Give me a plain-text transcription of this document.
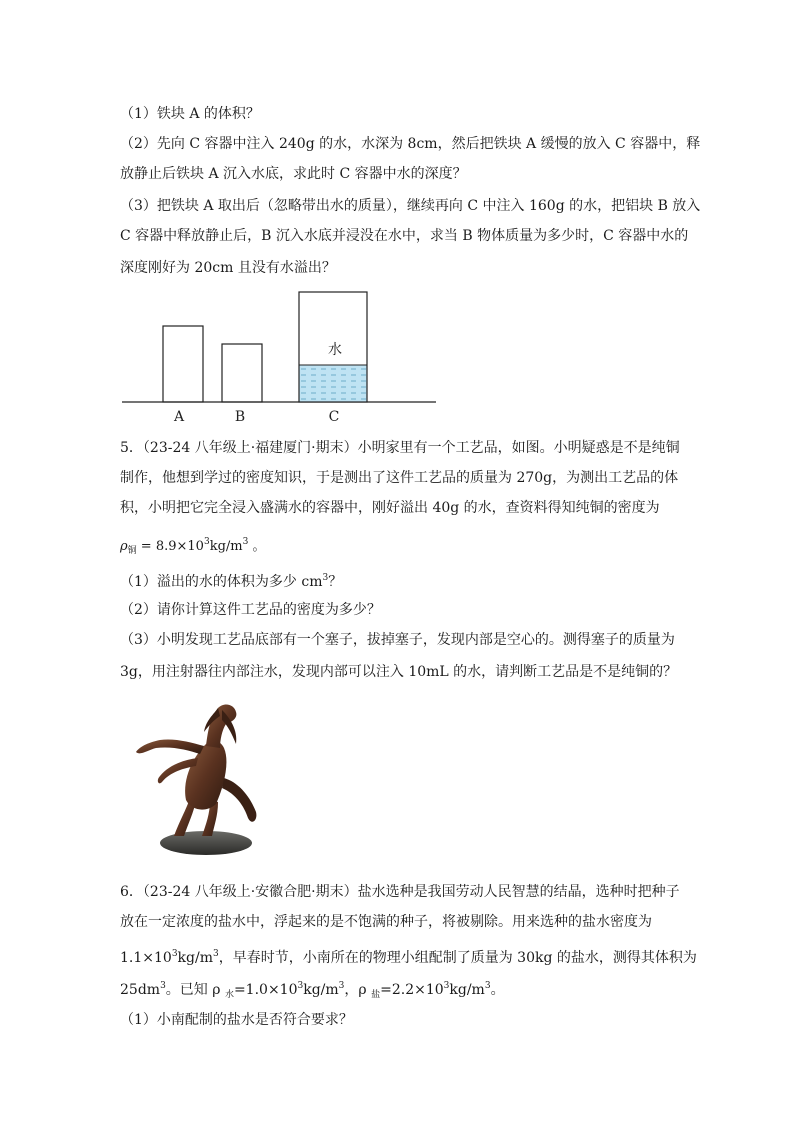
（1）铁块 A 的体积？
（2）先向 C 容器中注入 240g 的水，水深为 8cm，然后把铁块 A 缓慢的放入 C 容器中，释
放静止后铁块 A 沉入水底，求此时 C 容器中水的深度？
（3）把铁块 A 取出后（忽略带出水的质量），继续再向 C 中注入 160g 的水，把铝块 B 放入
C 容器中释放静止后，B 沉入水底并浸没在水中，求当 B 物体质量为多少时，C 容器中水的
深度刚好为 20cm 且没有水溢出？
水
A	B	C
5．（23-24 八年级上·福建厦门·期末）小明家里有一个工艺品，如图。小明疑惑是不是纯铜
制作，他想到学过的密度知识，于是测出了这件工艺品的质量为 270g，为测出工艺品的体
积，小明把它完全浸入盛满水的容器中，刚好溢出 40g 的水，查资料得知纯铜的密度为
$\rho_铜 = 8.9\times 10^3kg/m^3$ 。
（1）溢出的水的体积为多少 $cm^3$？
（2）请你计算这件工艺品的密度为多少？
（3）小明发现工艺品底部有一个塞子，拔掉塞子，发现内部是空心的。测得塞子的质量为
3g，用注射器往内部注水，发现内部可以注入 10mL 的水，请判断工艺品是不是纯铜的？
6．（23-24 八年级上·安徽合肥·期末）盐水选种是我国劳动人民智慧的结晶，选种时把种子
放在一定浓度的盐水中，浮起来的是不饱满的种子，将被剔除。用来选种的盐水密度为
$1.1\times 10^3kg/m^3$，早春时节，小南所在的物理小组配制了质量为 30kg 的盐水，测得其体积为
$25dm^3$。已知 ρ $_水=1.0\times 10^3kg/m^3$，ρ $_盐=2.2\times 10^3kg/m^3$。
（1）小南配制的盐水是否符合要求？
